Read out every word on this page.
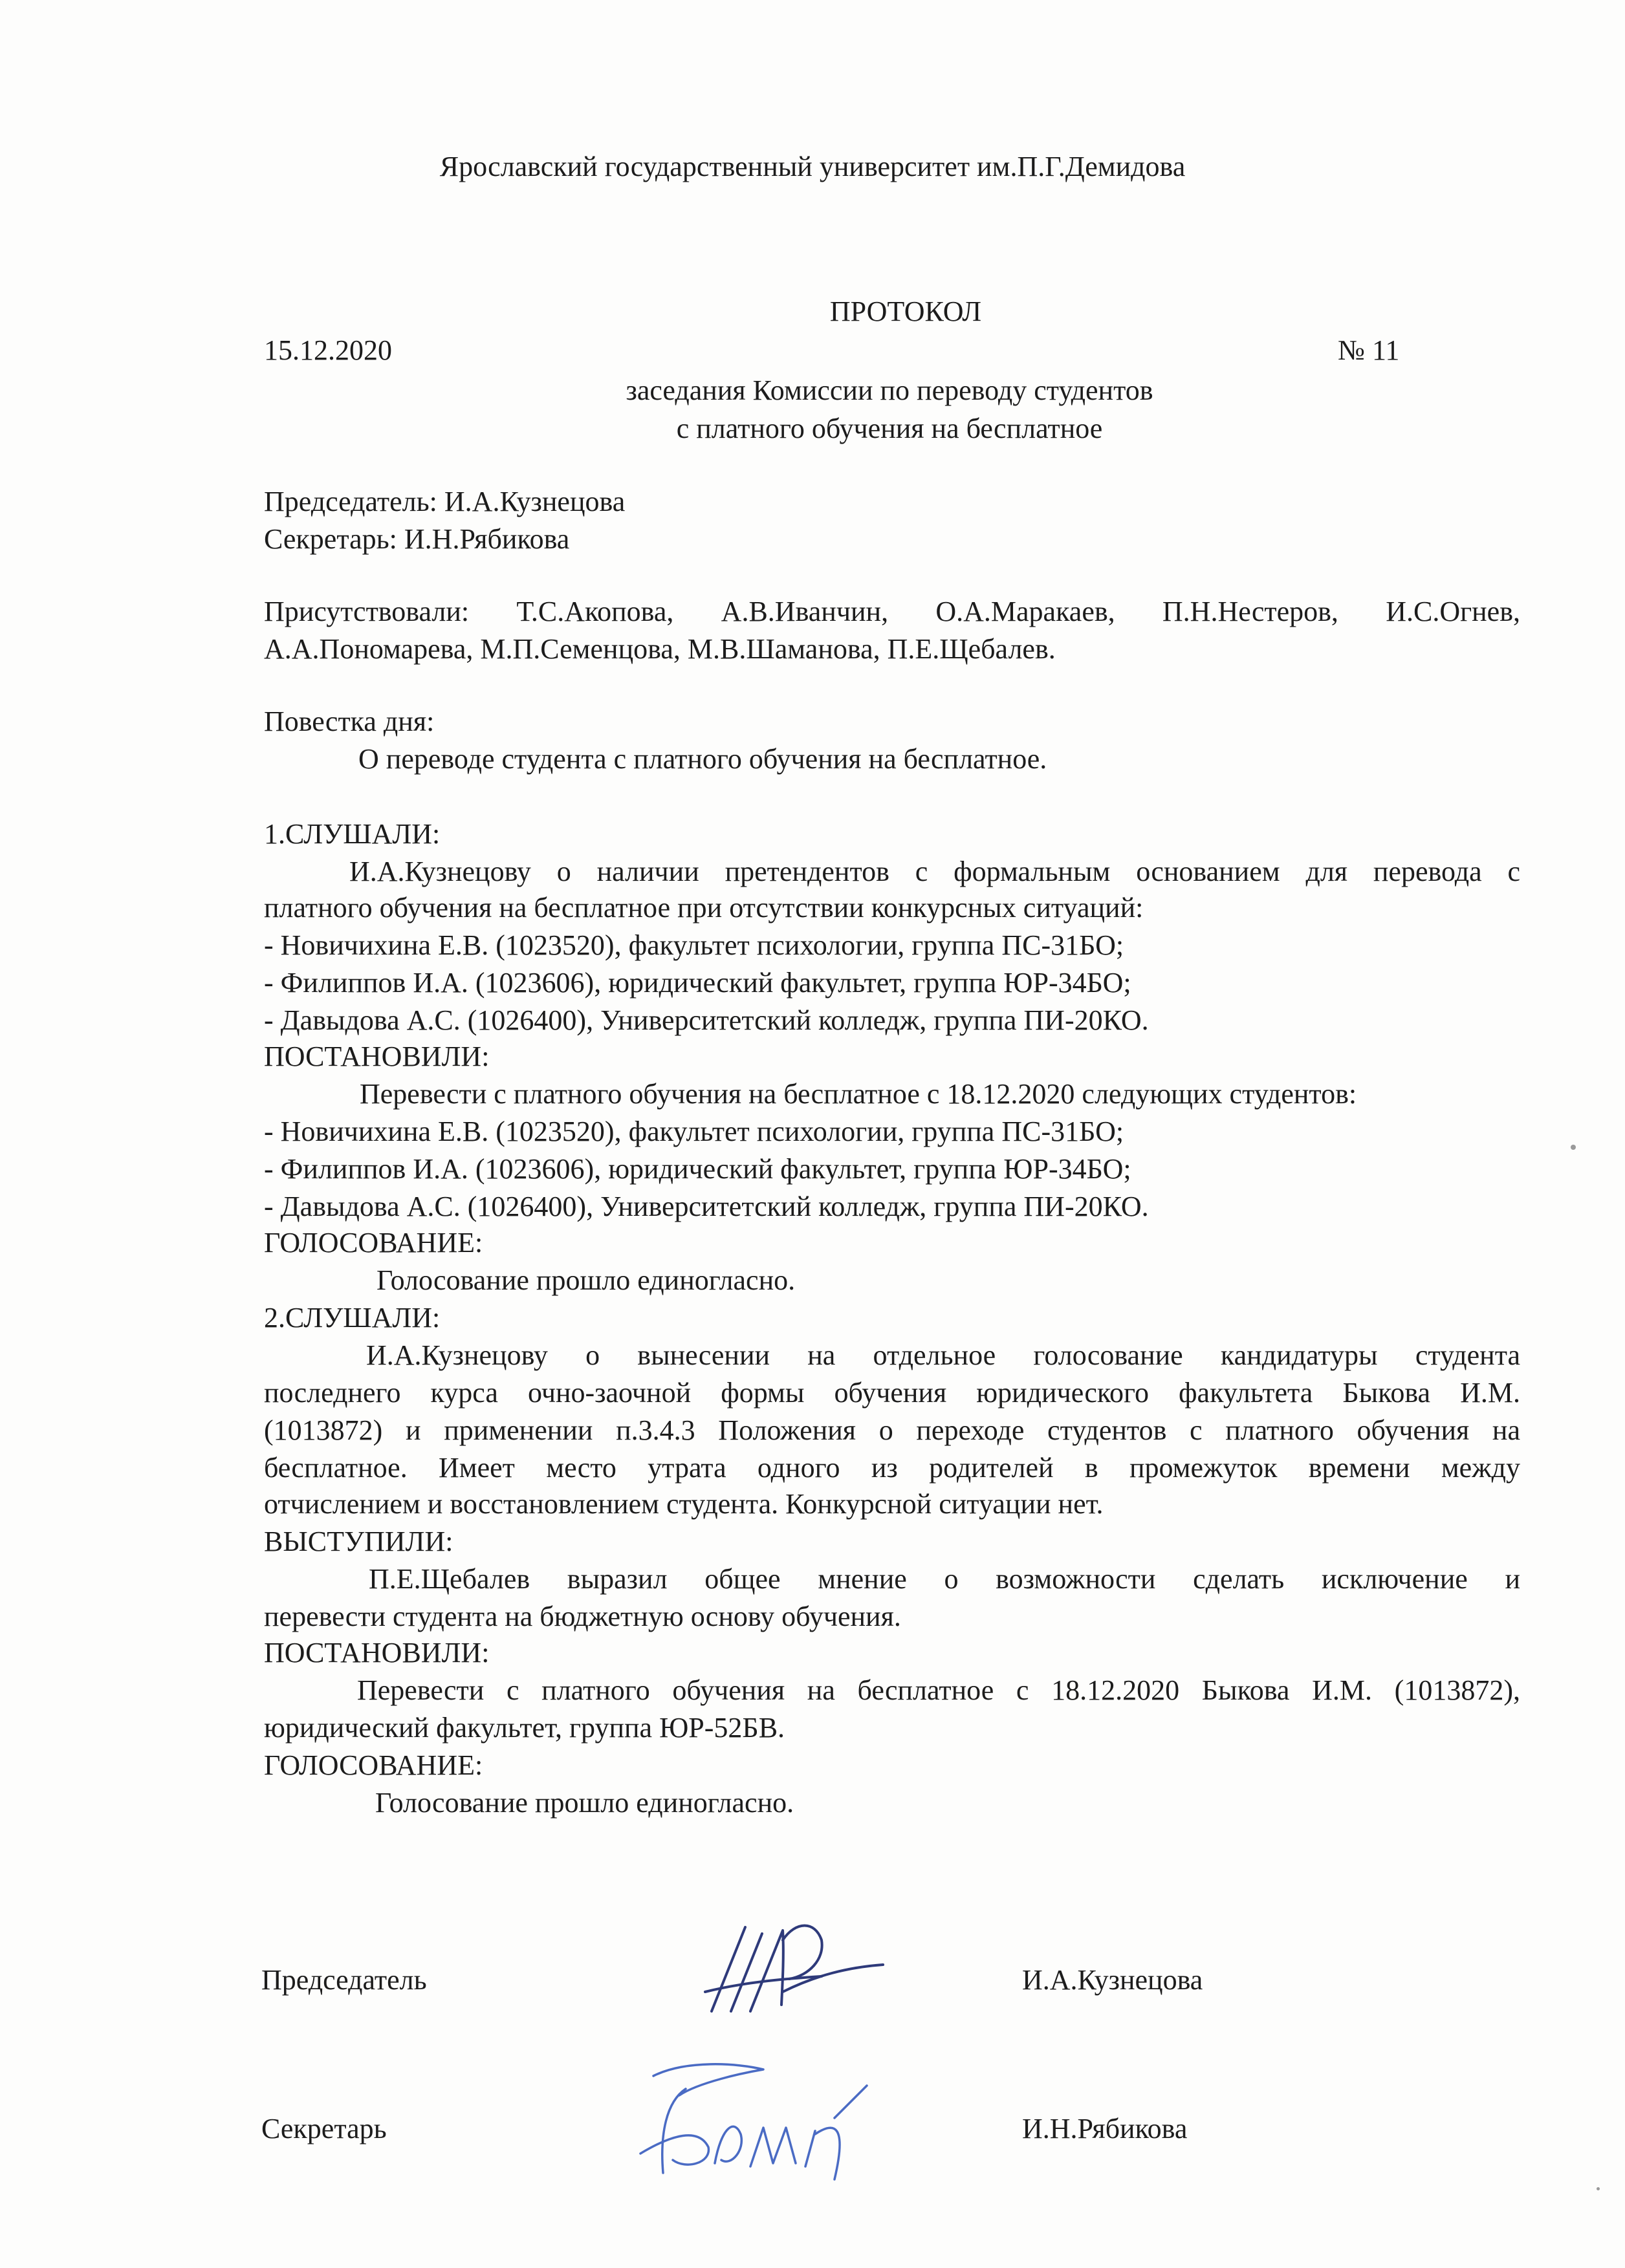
Ярославский государственный университет им.П.Г.Демидова
ПРОТОКОЛ
15.12.2020	№ 11
заседания Комиссии по переводу студентов
с платного обучения на бесплатное
Председатель: И.А.Кузнецова
Секретарь: И.Н.Рябикова
Присутствовали: Т.С.Акопова, А.В.Иванчин, О.А.Маракаев, П.Н.Нестеров, И.С.Огнев,
А.А.Пономарева, М.П.Семенцова, М.В.Шаманова, П.Е.Щебалев.
Повестка дня:
О переводе студента с платного обучения на бесплатное.
1.СЛУШАЛИ:
И.А.Кузнецову о наличии претендентов с формальным основанием для перевода с
платного обучения на бесплатное при отсутствии конкурсных ситуаций:
- Новичихина Е.В. (1023520), факультет психологии, группа ПС-31БО;
- Филиппов И.А. (1023606), юридический факультет, группа ЮР-34БО;
- Давыдова А.С. (1026400), Университетский колледж, группа ПИ-20КО.
ПОСТАНОВИЛИ:
Перевести с платного обучения на бесплатное с 18.12.2020 следующих студентов:
- Новичихина Е.В. (1023520), факультет психологии, группа ПС-31БО;
- Филиппов И.А. (1023606), юридический факультет, группа ЮР-34БО;
- Давыдова А.С. (1026400), Университетский колледж, группа ПИ-20КО.
ГОЛОСОВАНИЕ:
Голосование прошло единогласно.
2.СЛУШАЛИ:
И.А.Кузнецову о вынесении на отдельное голосование кандидатуры студента
последнего курса очно-заочной формы обучения юридического факультета Быкова И.М.
(1013872) и применении п.3.4.3 Положения о переходе студентов с платного обучения на
бесплатное. Имеет место утрата одного из родителей в промежуток времени между
отчислением и восстановлением студента. Конкурсной ситуации нет.
ВЫСТУПИЛИ:
П.Е.Щебалев выразил общее мнение о возможности сделать исключение и
перевести студента на бюджетную основу обучения.
ПОСТАНОВИЛИ:
Перевести с платного обучения на бесплатное с 18.12.2020 Быкова И.М. (1013872),
юридический факультет, группа ЮР-52БВ.
ГОЛОСОВАНИЕ:
Голосование прошло единогласно.
Председатель	И.А.Кузнецова
Секретарь	И.Н.Рябикова
